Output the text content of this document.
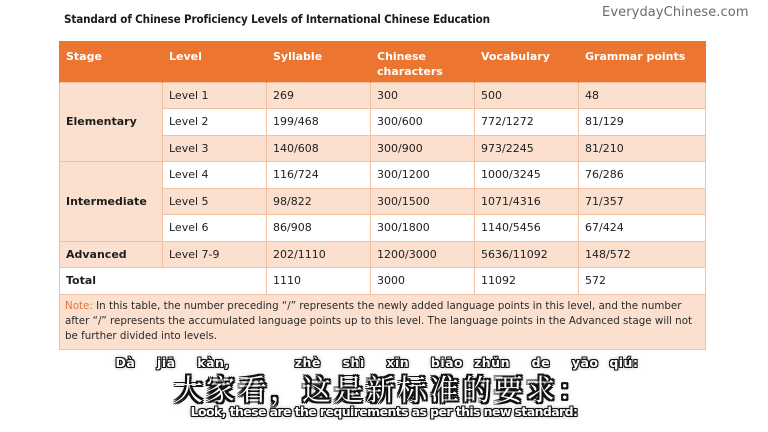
Standard of Chinese Proficiency Levels of International Chinese Education	EverydayChinese.com
Stage	Level	Syllable	Chinese characters	Vocabulary	Grammar points
Elementary	Level 1	269	300	500	48
	Level 2	199/468	300/600	772/1272	81/129
	Level 3	140/608	300/900	973/2245	81/210
Intermediate	Level 4	116/724	300/1200	1000/3245	76/286
	Level 5	98/822	300/1500	1071/4316	71/357
	Level 6	86/908	300/1800	1140/5456	67/424
Advanced	Level 7-9	202/1110	1200/3000	5636/11092	148/572
Total		1110	3000	11092	572
Note: In this table, the number preceding “/” represents the newly added language points in this level, and the number after “/” represents the accumulated language points up to this level. The language points in the Advanced stage will not be further divided into levels.					
Dà  jiā  kàn,      zhè  shì  xīn  biāo zhǔn  de  yāo qiú:
大家看，这是新标准的要求：
Look, these are the requirements as per this new standard:
